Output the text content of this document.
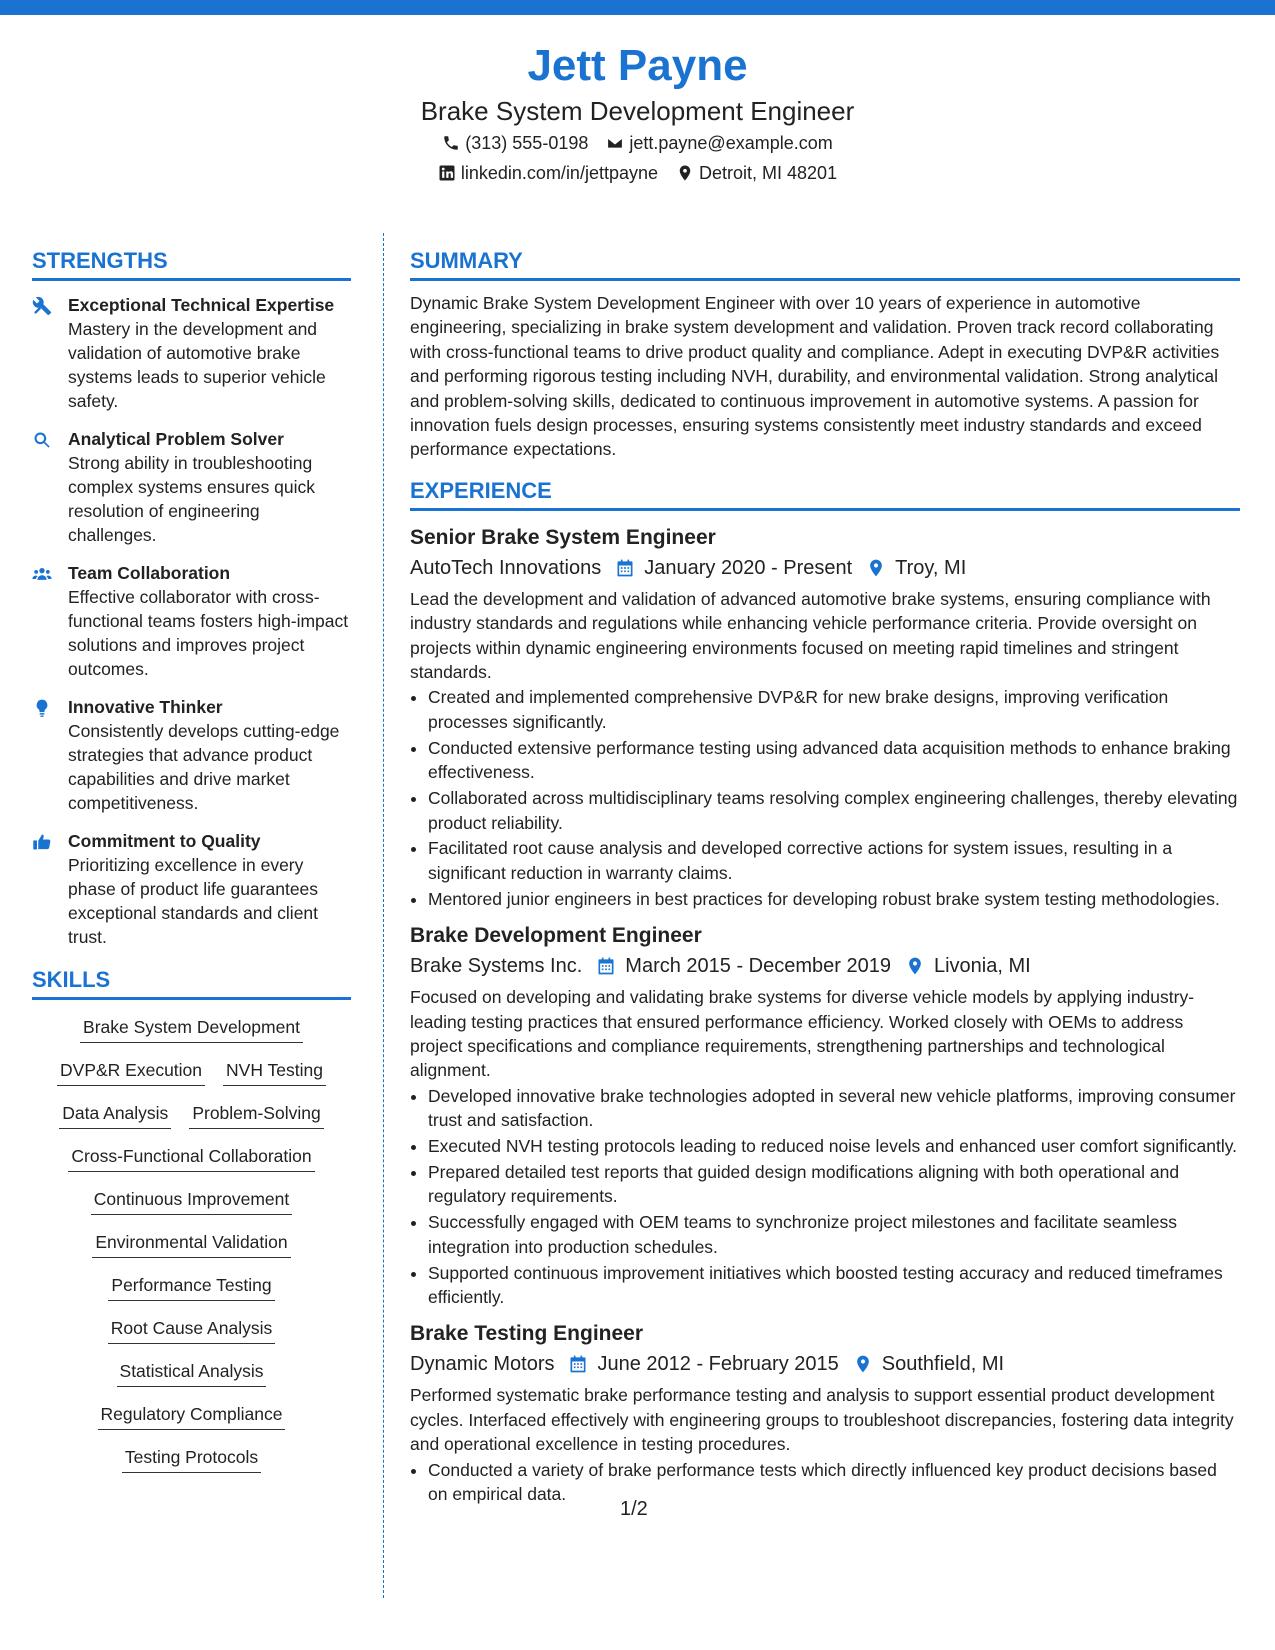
Jett Payne
Brake System Development Engineer
(313) 555-0198 jett.payne@example.com
linkedin.com/in/jettpayne Detroit, MI 48201
STRENGTHS
Exceptional Technical Expertise
Mastery in the development and validation of automotive brake systems leads to superior vehicle safety.
Analytical Problem Solver
Strong ability in troubleshooting complex systems ensures quick resolution of engineering challenges.
Team Collaboration
Effective collaborator with cross-functional teams fosters high-impact solutions and improves project outcomes.
Innovative Thinker
Consistently develops cutting-edge strategies that advance product capabilities and drive market competitiveness.
Commitment to Quality
Prioritizing excellence in every phase of product life guarantees exceptional standards and client trust.
SKILLS
Brake System Development
DVP&R Execution NVH Testing
Data Analysis Problem-Solving
Cross-Functional Collaboration
Continuous Improvement
Environmental Validation
Performance Testing
Root Cause Analysis
Statistical Analysis
Regulatory Compliance
Testing Protocols
SUMMARY
Dynamic Brake System Development Engineer with over 10 years of experience in automotive engineering, specializing in brake system development and validation. Proven track record collaborating with cross-functional teams to drive product quality and compliance. Adept in executing DVP&R activities and performing rigorous testing including NVH, durability, and environmental validation. Strong analytical and problem-solving skills, dedicated to continuous improvement in automotive systems. A passion for innovation fuels design processes, ensuring systems consistently meet industry standards and exceed performance expectations.
EXPERIENCE
Senior Brake System Engineer
AutoTech Innovations January 2020 - Present Troy, MI
Lead the development and validation of advanced automotive brake systems, ensuring compliance with industry standards and regulations while enhancing vehicle performance criteria. Provide oversight on projects within dynamic engineering environments focused on meeting rapid timelines and stringent standards.
• Created and implemented comprehensive DVP&R for new brake designs, improving verification processes significantly.
• Conducted extensive performance testing using advanced data acquisition methods to enhance braking effectiveness.
• Collaborated across multidisciplinary teams resolving complex engineering challenges, thereby elevating product reliability.
• Facilitated root cause analysis and developed corrective actions for system issues, resulting in a significant reduction in warranty claims.
• Mentored junior engineers in best practices for developing robust brake system testing methodologies.
Brake Development Engineer
Brake Systems Inc. March 2015 - December 2019 Livonia, MI
Focused on developing and validating brake systems for diverse vehicle models by applying industry-leading testing practices that ensured performance efficiency. Worked closely with OEMs to address project specifications and compliance requirements, strengthening partnerships and technological alignment.
• Developed innovative brake technologies adopted in several new vehicle platforms, improving consumer trust and satisfaction.
• Executed NVH testing protocols leading to reduced noise levels and enhanced user comfort significantly.
• Prepared detailed test reports that guided design modifications aligning with both operational and regulatory requirements.
• Successfully engaged with OEM teams to synchronize project milestones and facilitate seamless integration into production schedules.
• Supported continuous improvement initiatives which boosted testing accuracy and reduced timeframes efficiently.
Brake Testing Engineer
Dynamic Motors June 2012 - February 2015 Southfield, MI
Performed systematic brake performance testing and analysis to support essential product development cycles. Interfaced effectively with engineering groups to troubleshoot discrepancies, fostering data integrity and operational excellence in testing procedures.
• Conducted a variety of brake performance tests which directly influenced key product decisions based on empirical data.
1/2
